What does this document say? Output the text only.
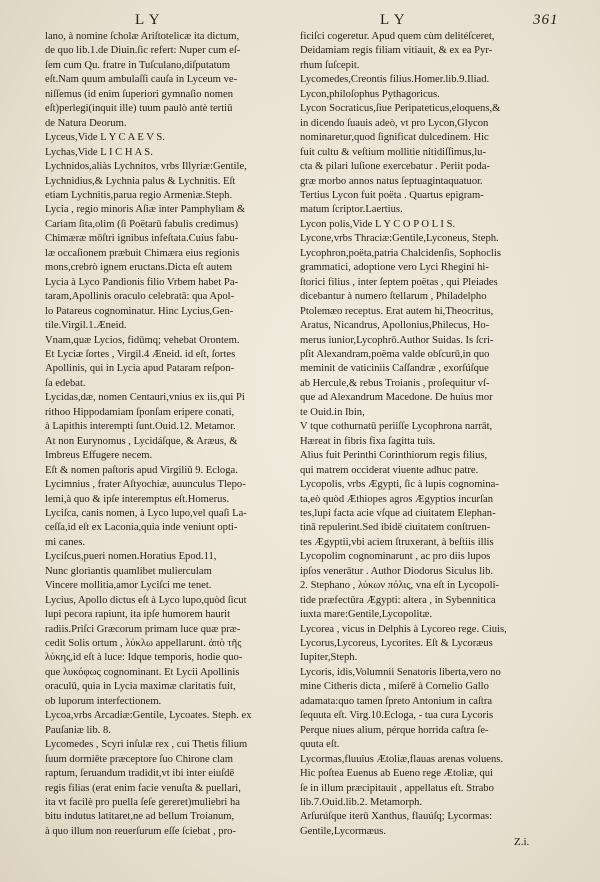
L Y	L Y	361
lano, à nomine ſcholæ Ariſtotelicæ ita dictum,
de quo lib.1.de Diuin.ſic refert: Nuper cum eſ-
ſem cum Qu. fratre in Tuſculano,diſputatum
eſt.Nam quum ambulaſſi cauſa in Lyceum ve-
niſſemus (id enim ſuperiori gymnaſio nomen
eſt)perlegi(inquit ille) tuum paulò antè tertiū
de Natura Deorum.
Lyceus,Vide L Y C A E V S.
Lychas,Vide L I C H A S.
Lychnidos,aliàs Lychnitos, vrbs Illyriæ:Gentile,
Lychnidius,& Lychnia palus & Lychnitis. Eſt
etiam Lychnitis,parua regio Armeniæ.Steph.
Lycia , regio minoris Aſiæ inter Pamphyliam &
Cariam ſita,olim (ſi Poëtarū fabulis credimus)
Chimæræ mōſtri ignibus infeſtata.Cuius fabu-
læ occaſionem præbuit Chimæra eius regionis
mons,crebrò ignem eructans.Dicta eſt autem
Lycia à Lyco Pandionis filio Vrbem habet Pa-
taram,Apollinis oraculo celebratā: qua Apol-
lo Patareus cognominatur. Hinc Lycius,Gen-
tile.Virgil.1.Æneid.
Vnam,quæ Lycios, fidūmq; vehebat Orontem.
Et Lyciæ ſortes , Virgil.4 Æneid. id eſt, ſortes
Apollinis, qui in Lycia apud Pataram reſpon-
ſa edebat.
Lycidas,dæ, nomen Centauri,vnius ex iis,qui Pi
rithoo Hippodamiam ſponſam eripere conati,
à Lapithis interempti ſunt.Ouid.12. Metamor.
At non Eurynomus , Lycidáſque, & Aræus, &
Imbreus Effugere necem.
Eſt & nomen paſtoris apud Virgiliū 9. Ecloga.
Lycimnius , frater Aſtyochiæ, auunculus Tlepo-
lemi,à quo & ipſe interemptus eſt.Homerus.
Lyciſca, canis nomen, à Lyco lupo,vel quaſi La-
ceſſa,id eſt ex Laconia,quia inde veniunt opti-
mi canes.
Lyciſcus,pueri nomen.Horatius Epod.11,
Nunc gloriantis quamlibet mulierculam
Vincere mollitia,amor Lyciſci me tenet.
Lycius, Apollo dictus eſt à Lyco lupo,quòd ſicut
lupi pecora rapiunt, ita ipſe humorem haurit
radiis.Priſci Græcorum primam luce quæ præ-
cedit Solis ortum , λύκλω appellarunt. ἀπὸ τῆς
λύκης,id eſt à luce: Idque temporis, hodie quo-
que λυκόφως cognominant. Et Lycii Apollinis
oraculū, quia in Lycia maximæ claritatis fuit,
ob luporum interfectionem.
Lycoa,vrbs Arcadiæ:Gentile, Lycoates. Steph. ex
Pauſaniæ lib. 8.
Lycomedes , Scyri inſulæ rex , cui Thetis filium
ſuum dormiēte præceptore ſuo Chirone clam
raptum, ſeruandum tradidit,vt ibi inter eiuſdē
regis filias (erat enim facie venuſta & puellari,
ita vt facilè pro puella ſeſe gereret)muliebri ha
bitu indutus latitaret,ne ad bellum Troianum,
à quo illum non reuerſurum eſſe ſciebat , pro-
ficiſci cogeretur. Apud quem cùm delitéſceret,
Deidamiam regis filiam vitiauit, & ex ea Pyr-
rhum ſuſcepit.
Lycomedes,Creontis filius.Homer.lib.9.Iliad.
Lycon,philoſophus Pythagoricus.
Lycon Socraticus,ſiue Peripateticus,eloquens,&
in dicendo ſuauis adeò, vt pro Lycon,Glycon
nominaretur,quod ſignificat dulcedinem. Hic
fuit cultu & veſtium mollitie nitidiſſimus,lu-
cta & pilari luſione exercebatur . Periit poda-
græ morbo annos natus ſeptuagintaquatuor.
Tertius Lycon fuit poëta . Quartus epigram-
matum ſcriptor.Laertius.
Lycon polis,Vide L Y C O P O L I S.
Lycone,vrbs Thraciæ:Gentile,Lyconeus, Steph.
Lycophron,poëta,patria Chalcidenſis, Sophoclis
grammatici, adoptione vero Lyci Rhegini hi-
ſtorici filius , inter ſeptem poëtas , qui Pleiades
dicebantur à numero ſtellarum , Philadelpho
Ptolemæo receptus. Erat autem hi,Theocritus,
Aratus, Nicandrus, Apollonius,Philecus, Ho-
merus iunior,Lycophrō.Author Suidas. Is ſcri-
pſit Alexandram,poëma valde obſcurū,in quo
meminit de vaticiniis Caſſandræ , exorſúſque
ab Hercule,& rebus Troianis , proſequitur vſ-
que ad Alexandrum Macedone. De huius mor
te Ouid.in Ibin,
V tque cothurnatū periiſſe Lycophrona narrāt,
Hæreat in fibris fixa ſagitta tuis.
Alius fuit Perinthi Corinthiorum regis filius,
qui matrem occiderat viuente adhuc patre.
Lycopolis, vrbs Ægypti, ſic à lupis cognomina-
ta,eò quòd Æthiopes agros Ægyptios incurſan
tes,lupi facta acie vſque ad ciuitatem Elephan-
tinā repulerint.Sed ibidē ciuitatem conſtruen-
tes Ægyptii,vbi aciem ſtruxerant, à beſtiis illis
Lycopolim cognominarunt , ac pro diis lupos
ipſos venerātur . Author Diodorus Siculus lib.
2. Stephano , λύκων πόλις, vna eſt in Lycopoli-
tide præfectūra Ægypti: altera , in Sybennitica
iuxta mare:Gentile,Lycopolitæ.
Lycorea , vicus in Delphis à Lycoreo rege. Ciuis,
Lycorus,Lycoreus, Lycorites. Eſt & Lycoræus
Iupiter,Steph.
Lycoris, idis,Volumnii Senatoris liberta,vero no
mine Citheris dicta , miſerē à Cornelio Gallo
adamata:quo tamen ſpreto Antonium in caſtra
ſequuta eſt. Virg.10.Ecloga, - tua cura Lycoris
Perque niues alium, pérque horrida caſtra ſe-
quuta eſt.
Lycormas,fluuius Ætoliæ,flauas arenas voluens.
Hic poſtea Euenus ab Eueno rege Ætoliæ, qui
ſe in illum præcipitauit , appellatus eſt. Strabo
lib.7.Ouid.lib.2. Metamorph.
Arſurúſque iterū Xanthus, flauúſq; Lycormas:
Gentile,Lycormæus.
Z.i.
